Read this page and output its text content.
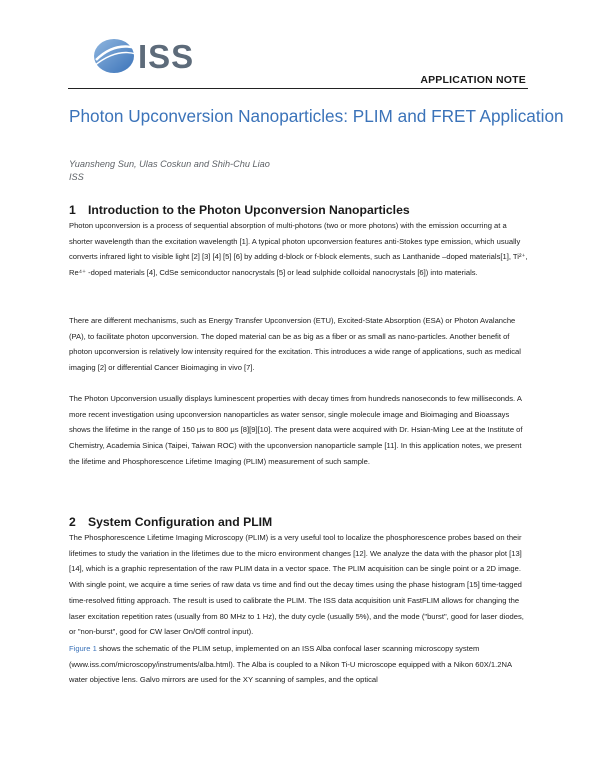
ISS
APPLICATION NOTE
Photon Upconversion Nanoparticles: PLIM and FRET Application
Yuansheng Sun, Ulas Coskun and Shih-Chu Liao
ISS
1 Introduction to the Photon Upconversion Nanoparticles

Photon upconversion is a process of sequential absorption of multi-photons (two or more photons) with the emission occurring at a shorter wavelength than the excitation wavelength [1]. A typical photon upconversion features anti-Stokes type emission, which usually converts infrared light to visible light [2] [3] [4] [5] [6] by adding d-block or f-block elements, such as Lanthanide –doped materials[1], Ti²⁺, Re⁴⁺ -doped materials [4], CdSe semiconductor nanocrystals [5] or lead sulphide colloidal nanocrystals [6]) into materials.

There are different mechanisms, such as Energy Transfer Upconversion (ETU), Excited-State Absorption (ESA) or Photon Avalanche (PA), to facilitate photon upconversion. The doped material can be as big as a fiber or as small as nano-particles. Another benefit of photon upconversion is relatively low intensity required for the excitation. This introduces a wide range of applications, such as medical imaging [2] or differential Cancer Bioimaging in vivo [7].

The Photon Upconversion usually displays luminescent properties with decay times from hundreds nanoseconds to few milliseconds. A more recent investigation using upconversion nanoparticles as water sensor, single molecule image and Bioimaging and Bioassays shows the lifetime in the range of 150 μs to 800 μs [8][9][10]. The present data were acquired with Dr. Hsian-Ming Lee at the Institute of Chemistry, Academia Sinica (Taipei, Taiwan ROC) with the upconversion nanoparticle sample [11]. In this application notes, we present the lifetime and Phosphorescence Lifetime Imaging (PLIM) measurement of such sample.

2 System Configuration and PLIM

The Phosphorescence Lifetime Imaging Microscopy (PLIM) is a very useful tool to localize the phosphorescence probes based on their lifetimes to study the variation in the lifetimes due to the micro environment changes [12]. We analyze the data with the phasor plot [13] [14], which is a graphic representation of the raw PLIM data in a vector space. The PLIM acquisition can be single point or a 2D image. With single point, we acquire a time series of raw data vs time and find out the decay times using the phase histogram [15] time-tagged time-resolved fitting approach. The result is used to calibrate the PLIM. The ISS data acquisition unit FastFLIM allows for changing the laser excitation repetition rates (usually from 80 MHz to 1 Hz), the duty cycle (usually 5%), and the mode ("burst", good for laser diodes, or "non-burst", good for CW laser On/Off control input).

Figure 1 shows the schematic of the PLIM setup, implemented on an ISS Alba confocal laser scanning microscopy system (www.iss.com/microscopy/instruments/alba.html). The Alba is coupled to a Nikon Ti-U microscope equipped with a Nikon 60X/1.2NA water objective lens. Galvo mirrors are used for the XY scanning of samples, and the optical
